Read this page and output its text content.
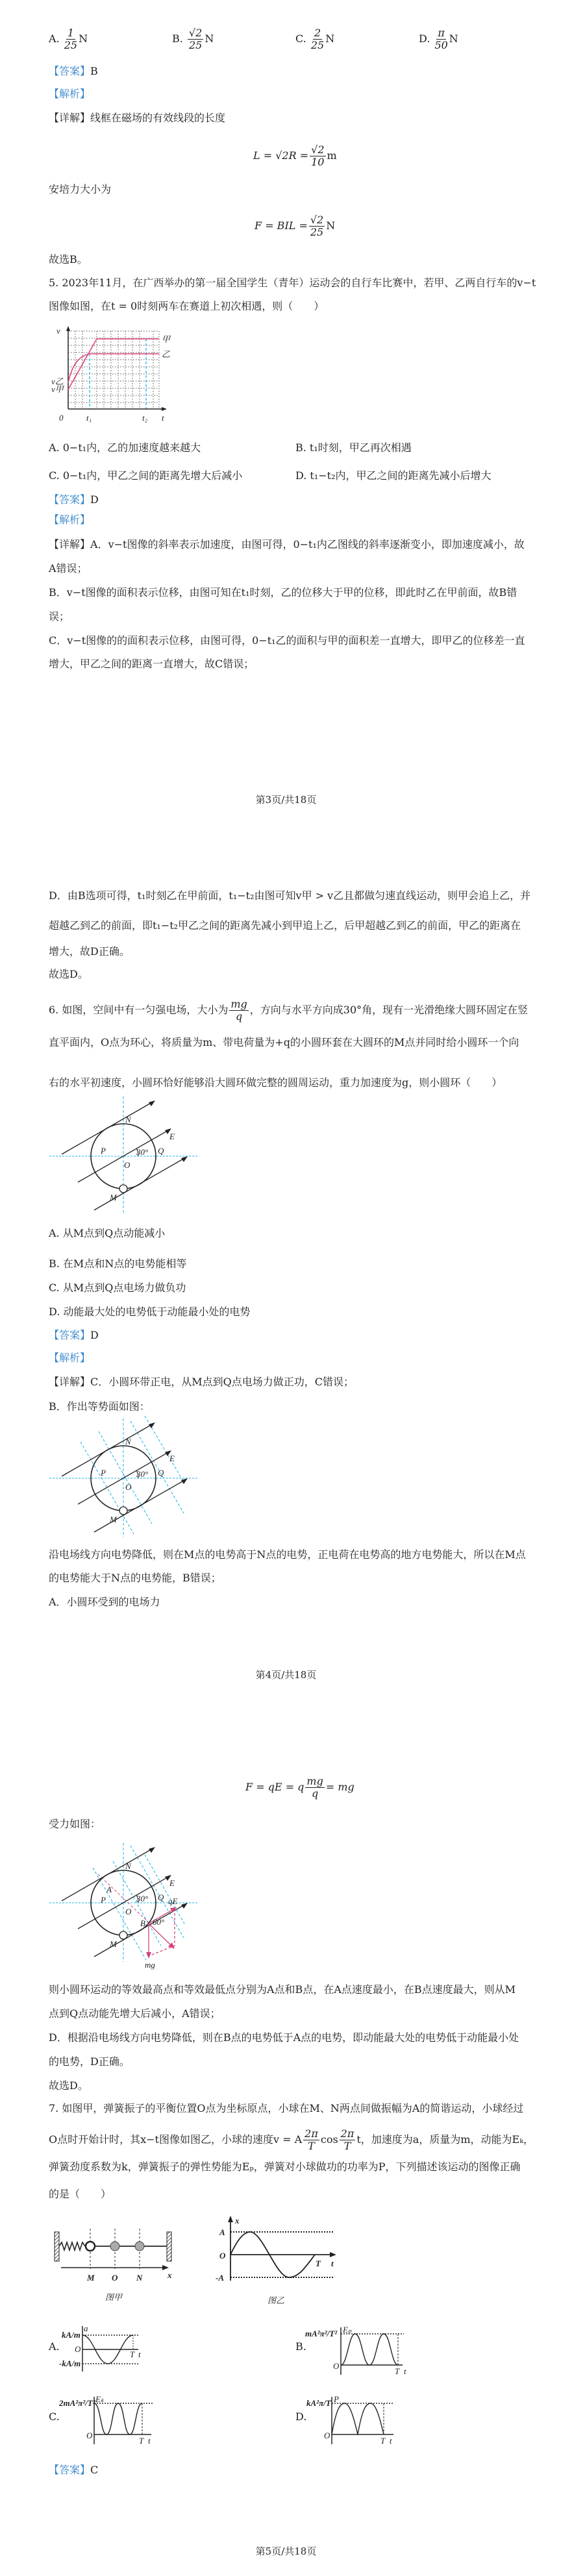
A. $\frac{1}{25}$ N	B. $\frac{√2}{25}$ N	C. $\frac{2}{25}$ N	D. $\frac{\pi}{50}$ N
【答案】B
【解析】
【详解】线框在磁场的有效线段的长度
$L = √2R = \frac{√2}{10}$ m
安培力大小为
F = BIL = $\frac{√2}{25}$ N
故选B。
5. 2023年11月，在广西举办的第一届全国学生（青年）运动会的自行车比赛中，若甲、乙两自行车的v−t
图像如图，在t = 0时刻两车在赛道上初次相遇，则（　　）
甲
乙
v
v乙
v甲
0	t₁	t₂ t
A. 0−t₁内，乙的加速度越来越大	B. t₁时刻，甲乙再次相遇
C. 0−t₁内，甲乙之间的距离先增大后减小	D. t₁−t₂内，甲乙之间的距离先减小后增大
【答案】D
【解析】
【详解】A．v−t图像的斜率表示加速度，由图可得，0−t₁内乙图线的斜率逐渐变小，即加速度减小，故
A错误；
B．v−t图像的面积表示位移，由图可知在t₁时刻，乙的位移大于甲的位移，即此时乙在甲前面，故B错
误；
C．v−t图像的的面积表示位移，由图可得，0−t₁乙的面积与甲的面积差一直增大，即甲乙的位移差一直
增大，甲乙之间的距离一直增大，故C错误；
第3页/共18页
D．由B选项可得，t₁时刻乙在甲前面，t₁−t₂由图可知v甲 > v乙且都做匀速直线运动，则甲会追上乙，并
超越乙到乙的前面，即t₁−t₂甲乙之间的距离先减小到甲追上乙，后甲超越乙到乙的前面，甲乙的距离在
增大，故D正确。
故选D。
6. 如图，空间中有一匀强电场，大小为 $\frac{mg}{q}$ ，方向与水平方向成30°角，现有一光滑绝缘大圆环固定在竖
直平面内，O点为环心，将质量为m、带电荷量为+q的小圆环套在大圆环的M点并同时给小圆环一个向
右的水平初速度，小圆环恰好能够沿大圆环做完整的圆周运动，重力加速度为g，则小圆环（　　）
N
E
P	Q
O
30°
M
A. 从M点到Q点动能减小
B. 在M点和N点的电势能相等
C. 从M点到Q点电场力做负功
D. 动能最大处的电势低于动能最小处的电势
【答案】D
【解析】
【详解】C．小圆环带正电，从M点到Q点电场力做正功，C错误；
B．作出等势面如图：
N
E
P	Q
O
30°
M
沿电场线方向电势降低，则在M点的电势高于N点的电势，正电荷在电势高的地方电势能大，所以在M点
的电势能大于N点的电势能，B错误；
A．小圆环受到的电场力
第4页/共18页
F = qE = q $\frac{mg}{q}$ = mg
受力如图：
N
E
P
A
Q
O
30°
M
B
qE
mg
60°
则小圆环运动的等效最高点和等效最低点分别为A点和B点，在A点速度最小，在B点速度最大，则从M
点到Q点动能先增大后减小，A错误；
D．根据沿电场线方向电势降低，则在B点的电势低于A点的电势，即动能最大处的电势低于动能最小处
的电势，D正确。
故选D。
7. 如图甲，弹簧振子的平衡位置O点为坐标原点，小球在M、N两点间做振幅为A的简谐运动，小球经过
O点时开始计时，其x−t图像如图乙，小球的速度v = A $\frac{2\pi}{T}$ $\cos \frac{2\pi}{T}$ t，加速度为a，质量为m，动能为Eₖ，
弹簧劲度系数为k，弹簧振子的弹性势能为Eₚ，弹簧对小球做功的功率为P，下列描述该运动的图像正确
的是（　　）
M O N	x
图甲
x
A
O
-A
T t
图乙
A.
a
kA/m
O
-kA/m
T t
B.
Eₚ
mA²π²/T²
O
T t
C.
Eₖ
2mA²π²/T²
O
T t
D.
P
kA²π/T
O
T t
【答案】C
第5页/共18页
